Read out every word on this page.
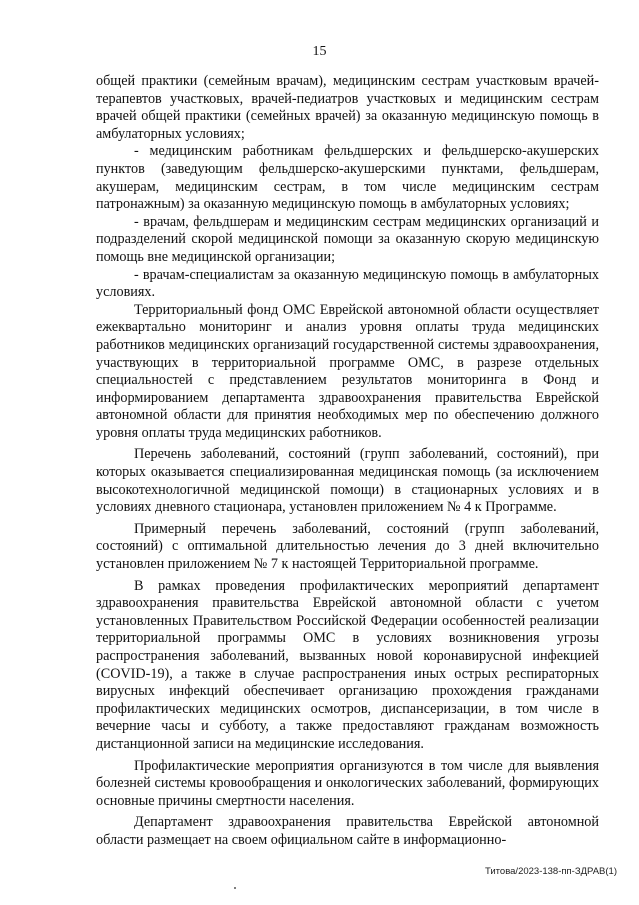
15

общей практики (семейным врачам), медицинским сестрам участковым врачей-терапевтов участковых, врачей-педиатров участковых и медицинским сестрам врачей общей практики (семейных врачей) за оказанную медицинскую помощь в амбулаторных условиях;

- медицинским работникам фельдшерских и фельдшерско-акушерских пунктов (заведующим фельдшерско-акушерскими пунктами, фельдшерам, акушерам, медицинским сестрам, в том числе медицинским сестрам патронажным) за оказанную медицинскую помощь в амбулаторных условиях;

- врачам, фельдшерам и медицинским сестрам медицинских организаций и подразделений скорой медицинской помощи за оказанную скорую медицинскую помощь вне медицинской организации;

- врачам-специалистам за оказанную медицинскую помощь в амбулаторных условиях.

Территориальный фонд ОМС Еврейской автономной области осуществляет ежеквартально мониторинг и анализ уровня оплаты труда медицинских работников медицинских организаций государственной системы здравоохранения, участвующих в территориальной программе ОМС, в разрезе отдельных специальностей с представлением результатов мониторинга в Фонд и информированием департамента здравоохранения правительства Еврейской автономной области для принятия необходимых мер по обеспечению должного уровня оплаты труда медицинских работников.

Перечень заболеваний, состояний (групп заболеваний, состояний), при которых оказывается специализированная медицинская помощь (за исключением высокотехнологичной медицинской помощи) в стационарных условиях и в условиях дневного стационара, установлен приложением № 4 к Программе.

Примерный перечень заболеваний, состояний (групп заболеваний, состояний) с оптимальной длительностью лечения до 3 дней включительно установлен приложением № 7 к настоящей Территориальной программе.

В рамках проведения профилактических мероприятий департамент здравоохранения правительства Еврейской автономной области с учетом установленных Правительством Российской Федерации особенностей реализации территориальной программы ОМС в условиях возникновения угрозы распространения заболеваний, вызванных новой коронавирусной инфекцией (COVID-19), а также в случае распространения иных острых респираторных вирусных инфекций обеспечивает организацию прохождения гражданами профилактических медицинских осмотров, диспансеризации, в том числе в вечерние часы и субботу, а также предоставляют гражданам возможность дистанционной записи на медицинские исследования.

Профилактические мероприятия организуются в том числе для выявления болезней системы кровообращения и онкологических заболеваний, формирующих основные причины смертности населения.

Департамент здравоохранения правительства Еврейской автономной области размещает на своем официальном сайте в информационно-

Титова/2023-138-пп-ЗДРАВ(1)
